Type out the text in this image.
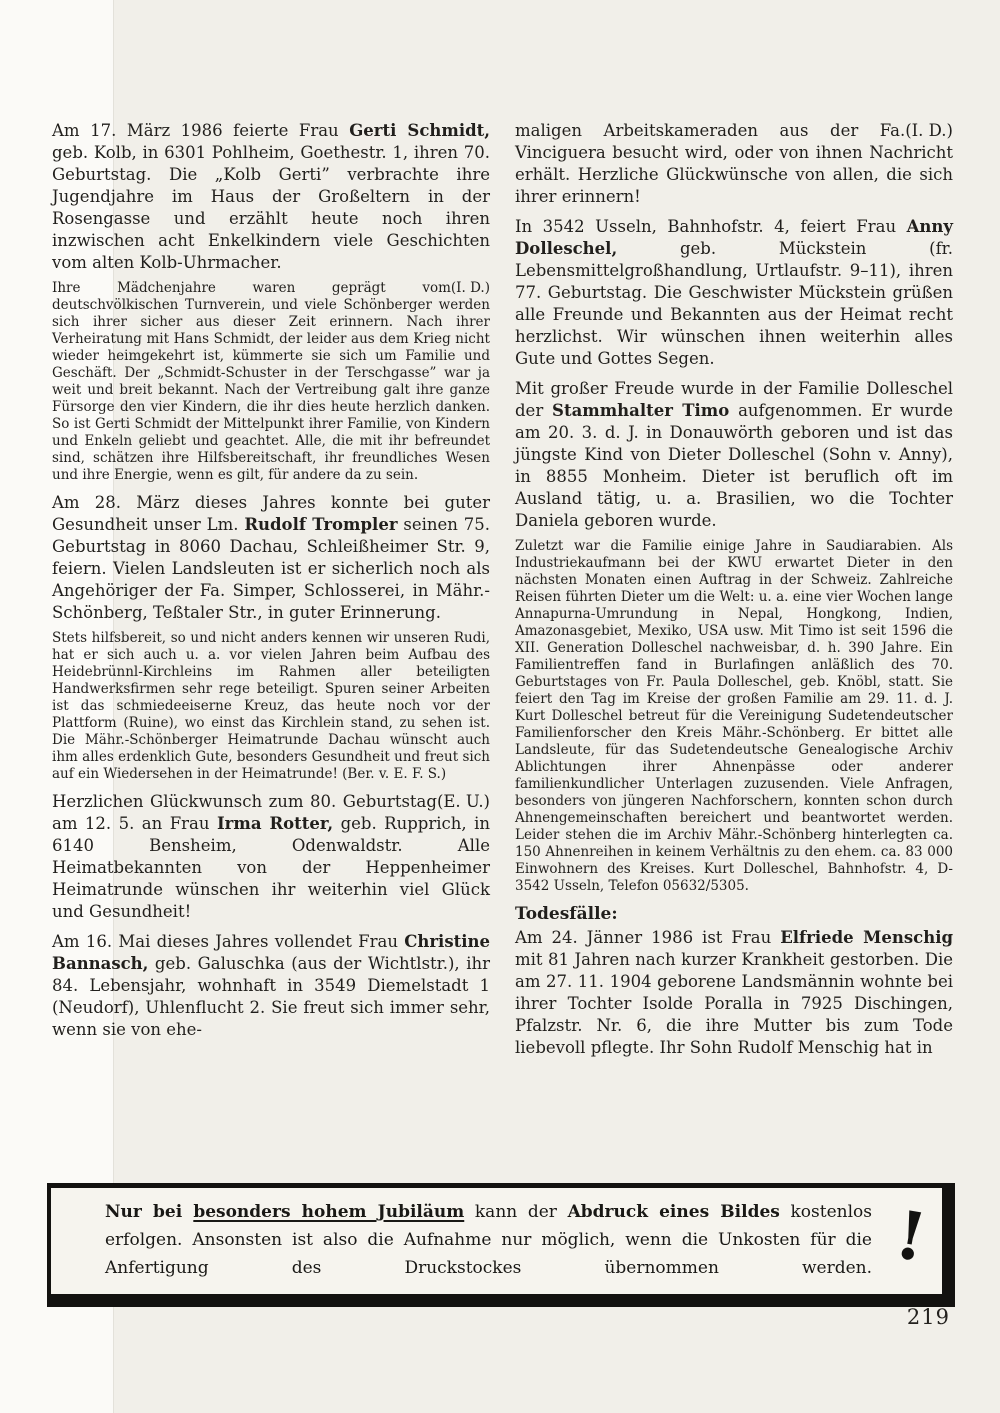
Am 17. März 1986 feierte Frau Gerti Schmidt, geb. Kolb, in 6301 Pohlheim, Goethestr. 1, ihren 70. Geburtstag. Die „Kolb Gerti” verbrachte ihre Jugendjahre im Haus der Großeltern in der Rosengasse und erzählt heute noch ihren inzwischen acht Enkelkindern viele Geschichten vom alten Kolb-Uhrmacher.

(I. D.)
Ihre Mädchenjahre waren geprägt vom deutschvölkischen Turnverein, und viele Schönberger werden sich ihrer sicher aus dieser Zeit erinnern. Nach ihrer Verheiratung mit Hans Schmidt, der leider aus dem Krieg nicht wieder heimgekehrt ist, kümmerte sie sich um Familie und Geschäft. Der „Schmidt-Schuster in der Terschgasse” war ja weit und breit bekannt. Nach der Vertreibung galt ihre ganze Fürsorge den vier Kindern, die ihr dies heute herzlich danken. So ist Gerti Schmidt der Mittelpunkt ihrer Familie, von Kindern und Enkeln geliebt und geachtet. Alle, die mit ihr befreundet sind, schätzen ihre Hilfsbereitschaft, ihr freundliches Wesen und ihre Energie, wenn es gilt, für andere da zu sein.

Am 28. März dieses Jahres konnte bei guter Gesundheit unser Lm. Rudolf Trompler seinen 75. Geburtstag in 8060 Dachau, Schleißheimer Str. 9, feiern. Vielen Landsleuten ist er sicherlich noch als Angehöriger der Fa. Simper, Schlosserei, in Mähr.-Schönberg, Teßtaler Str., in guter Erinnerung.

Stets hilfsbereit, so und nicht anders kennen wir unseren Rudi, hat er sich auch u. a. vor vielen Jahren beim Aufbau des Heidebrünnl-Kirchleins im Rahmen aller beteiligten Handwerksfirmen sehr rege beteiligt. Spuren seiner Arbeiten ist das schmiedeeiserne Kreuz, das heute noch vor der Plattform (Ruine), wo einst das Kirchlein stand, zu sehen ist. Die Mähr.-Schönberger Heimatrunde Dachau wünscht auch ihm alles erdenklich Gute, besonders Gesundheit und freut sich auf ein Wiedersehen in der Heimatrunde! (Ber. v. E. F. S.)

(E. U.)
Herzlichen Glückwunsch zum 80. Geburtstag am 12. 5. an Frau Irma Rotter, geb. Rupprich, in 6140 Bensheim, Odenwaldstr. Alle Heimatbekannten von der Heppenheimer Heimatrunde wünschen ihr weiterhin viel Glück und Gesundheit!

Am 16. Mai dieses Jahres vollendet Frau Christine Bannasch, geb. Galuschka (aus der Wichtlstr.), ihr 84. Lebensjahr, wohnhaft in 3549 Diemelstadt 1 (Neudorf), Uhlenflucht 2. Sie freut sich immer sehr, wenn sie von ehe-

(I. D.)
maligen Arbeitskameraden aus der Fa. Vinciguera besucht wird, oder von ihnen Nachricht erhält. Herzliche Glückwünsche von allen, die sich ihrer erinnern!

In 3542 Usseln, Bahnhofstr. 4, feiert Frau Anny Dolleschel, geb. Mückstein (fr. Lebensmittelgroßhandlung, Urtlaufstr. 9–11), ihren 77. Geburtstag. Die Geschwister Mückstein grüßen alle Freunde und Bekannten aus der Heimat recht herzlichst. Wir wünschen ihnen weiterhin alles Gute und Gottes Segen.

Mit großer Freude wurde in der Familie Dolleschel der Stammhalter Timo aufgenommen. Er wurde am 20. 3. d. J. in Donauwörth geboren und ist das jüngste Kind von Dieter Dolleschel (Sohn v. Anny), in 8855 Monheim. Dieter ist beruflich oft im Ausland tätig, u. a. Brasilien, wo die Tochter Daniela geboren wurde.

Zuletzt war die Familie einige Jahre in Saudiarabien. Als Industriekaufmann bei der KWU erwartet Dieter in den nächsten Monaten einen Auftrag in der Schweiz. Zahlreiche Reisen führten Dieter um die Welt: u. a. eine vier Wochen lange Annapurna-Umrundung in Nepal, Hongkong, Indien, Amazonasgebiet, Mexiko, USA usw. Mit Timo ist seit 1596 die XII. Generation Dolleschel nachweisbar, d. h. 390 Jahre. Ein Familientreffen fand in Burlafingen anläßlich des 70. Geburtstages von Fr. Paula Dolleschel, geb. Knöbl, statt. Sie feiert den Tag im Kreise der großen Familie am 29. 11. d. J. Kurt Dolleschel betreut für die Vereinigung Sudetendeutscher Familienforscher den Kreis Mähr.-Schönberg. Er bittet alle Landsleute, für das Sudetendeutsche Genealogische Archiv Ablichtungen ihrer Ahnenpässe oder anderer familienkundlicher Unterlagen zuzusenden. Viele Anfragen, besonders von jüngeren Nachforschern, konnten schon durch Ahnengemeinschaften bereichert und beantwortet werden. Leider stehen die im Archiv Mähr.-Schönberg hinterlegten ca. 150 Ahnenreihen in keinem Verhältnis zu den ehem. ca. 83 000 Einwohnern des Kreises. Kurt Dolleschel, Bahnhofstr. 4, D-3542 Usseln, Telefon 05632/5305.

Todesfälle:

Am 24. Jänner 1986 ist Frau Elfriede Menschig mit 81 Jahren nach kurzer Krankheit gestorben. Die am 27. 11. 1904 geborene Landsmännin wohnte bei ihrer Tochter Isolde Poralla in 7925 Dischingen, Pfalzstr. Nr. 6, die ihre Mutter bis zum Tode liebevoll pflegte. Ihr Sohn Rudolf Menschig hat in

Nur bei besonders hohem Jubiläum kann der Abdruck eines Bildes kostenlos erfolgen. Ansonsten ist also die Aufnahme nur möglich, wenn die Unkosten für die Anfertigung des Druckstockes übernommen werden. !
219
